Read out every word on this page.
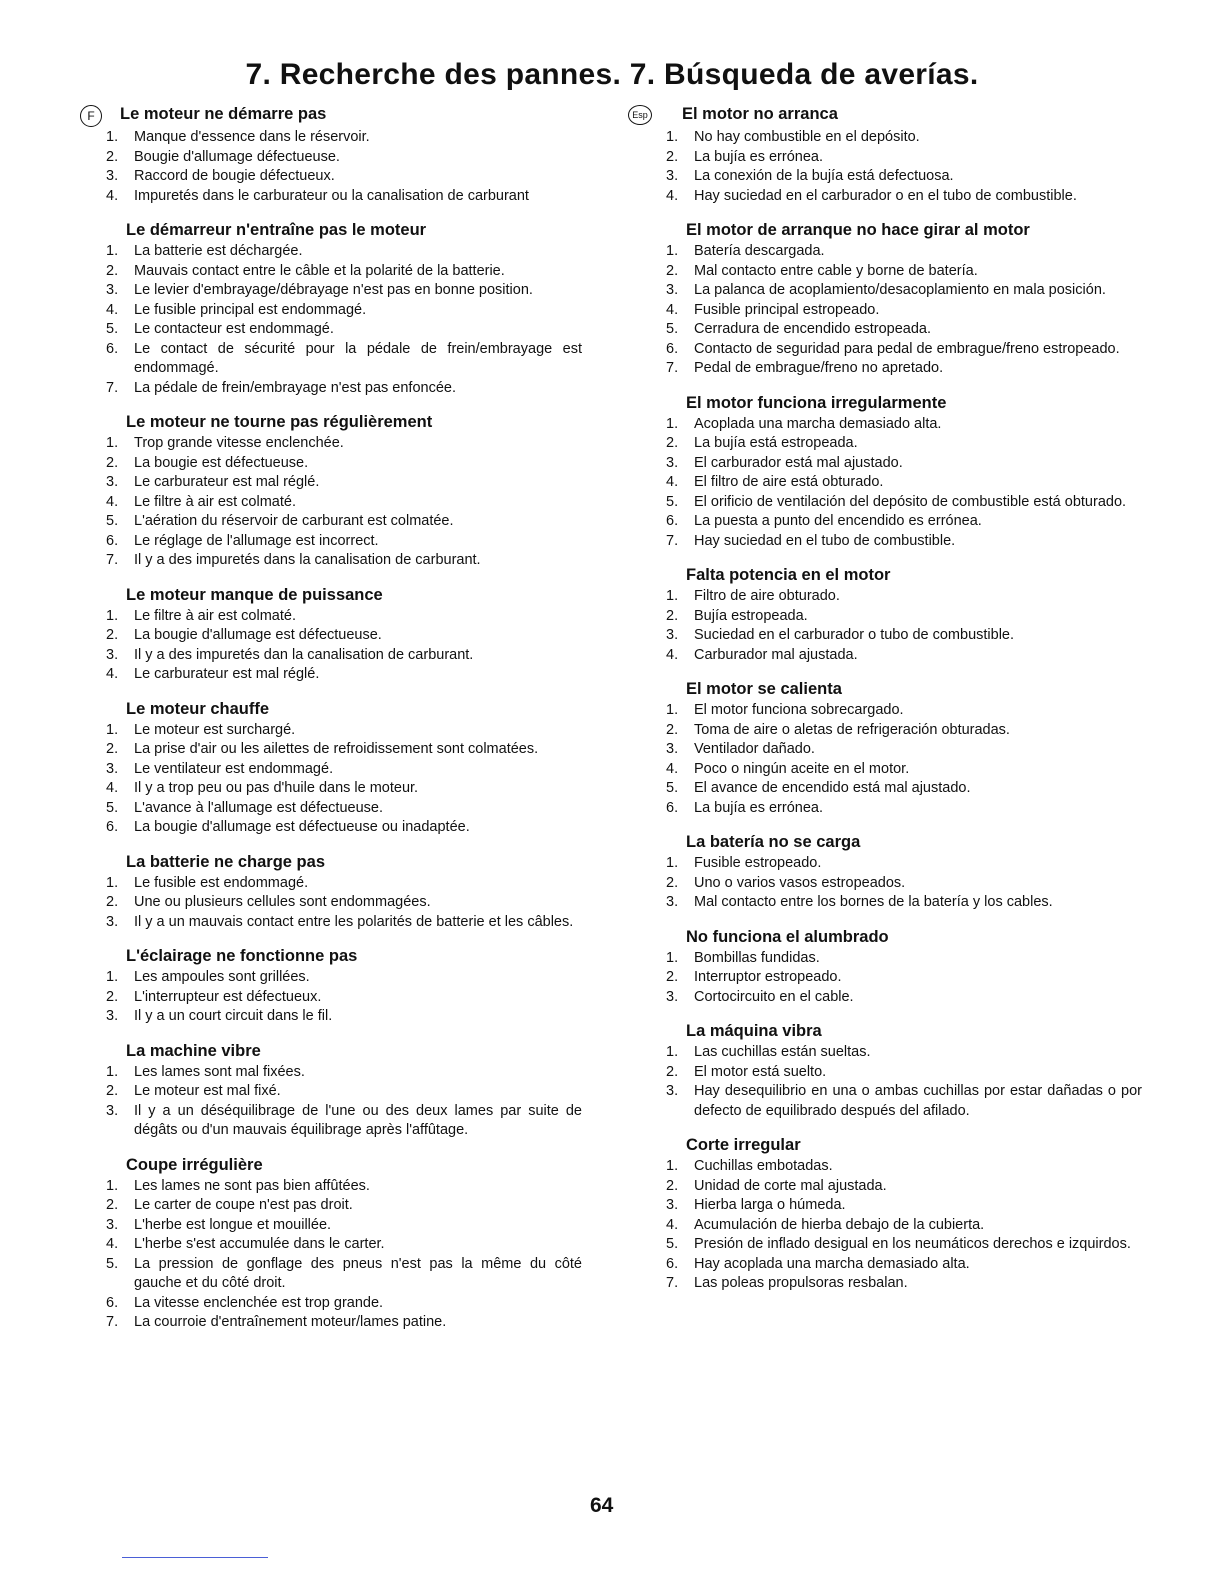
7. Recherche des pannes. 7. Búsqueda de averías.
F	Le moteur ne démarre pas
1. Manque d'essence dans le réservoir.
2. Bougie d'allumage défectueuse.
3. Raccord de bougie défectueux.
4. Impuretés dans le carburateur ou la canalisation de carburant
Le démarreur n'entraîne pas le moteur
1. La batterie est déchargée.
2. Mauvais contact entre le câble et la polarité de la batterie.
3. Le levier d'embrayage/débrayage n'est pas en bonne position.
4. Le fusible principal est endommagé.
5. Le contacteur est endommagé.
6. Le contact de sécurité pour la pédale de frein/embrayage est endommagé.
7. La pédale de frein/embrayage n'est pas enfoncée.
Le moteur ne tourne pas régulièrement
1. Trop grande vitesse enclenchée.
2. La bougie est défectueuse.
3. Le carburateur est mal réglé.
4. Le filtre à air est colmaté.
5. L'aération du réservoir de carburant est colmatée.
6. Le réglage de l'allumage est incorrect.
7. Il y a des impuretés dans la canalisation de carburant.
Le moteur manque de puissance
1. Le filtre à air est colmaté.
2. La bougie d'allumage est défectueuse.
3. Il y a des impuretés dan la canalisation de carburant.
4. Le carburateur est mal réglé.
Le moteur chauffe
1. Le moteur est surchargé.
2. La prise d'air ou les ailettes de refroidissement sont colmatées.
3. Le ventilateur est endommagé.
4. Il y a trop peu ou pas d'huile dans le moteur.
5. L'avance à l'allumage est défectueuse.
6. La bougie d'allumage est défectueuse ou inadaptée.
La batterie ne charge pas
1. Le fusible est endommagé.
2. Une ou plusieurs cellules sont endommagées.
3. Il y a un mauvais contact entre les polarités de batterie et les câbles.
L'éclairage ne fonctionne pas
1. Les ampoules sont grillées.
2. L'interrupteur est défectueux.
3. Il y a un court circuit dans le fil.
La machine vibre
1. Les lames sont mal fixées.
2. Le moteur est mal fixé.
3. Il y a un déséquilibrage de l'une ou des deux lames par suite de dégâts ou d'un mauvais équilibrage après l'affûtage.
Coupe irrégulière
1. Les lames ne sont pas bien affûtées.
2. Le carter de coupe n'est pas droit.
3. L'herbe est longue et mouillée.
4. L'herbe s'est accumulée dans le carter.
5. La pression de gonflage des pneus n'est pas la même du côté gauche et du côté droit.
6. La vitesse enclenchée est trop grande.
7. La courroie d'entraînement moteur/lames patine.
Esp El motor no arranca
1. No hay combustible en el depósito.
2. La bujía es errónea.
3. La conexión de la bujía está defectuosa.
4. Hay suciedad en el carburador o en el tubo de combustible.
El motor de arranque no hace girar al motor
1. Batería descargada.
2. Mal contacto entre cable y borne de batería.
3. La palanca de acoplamiento/desacoplamiento en mala posición.
4. Fusible principal estropeado.
5. Cerradura de encendido estropeada.
6. Contacto de seguridad para pedal de embrague/freno estropeado.
7. Pedal de embrague/freno no apretado.
El motor funciona irregularmente
1. Acoplada una marcha demasiado alta.
2. La bujía está estropeada.
3. El carburador está mal ajustado.
4. El filtro de aire está obturado.
5. El orificio de ventilación del depósito de combustible está obturado.
6. La puesta a punto del encendido es errónea.
7. Hay suciedad en el tubo de combustible.
Falta potencia en el motor
1. Filtro de aire obturado.
2. Bujía estropeada.
3. Suciedad en el carburador o tubo de combustible.
4. Carburador mal ajustada.
El motor se calienta
1. El motor funciona sobrecargado.
2. Toma de aire o aletas de refrigeración obturadas.
3. Ventilador dañado.
4. Poco o ningún aceite en el motor.
5. El avance de encendido está mal ajustado.
6. La bujía es errónea.
La batería no se carga
1. Fusible estropeado.
2. Uno o varios vasos estropeados.
3. Mal contacto entre los bornes de la batería y los cables.
No funciona el alumbrado
1. Bombillas fundidas.
2. Interruptor estropeado.
3. Cortocircuito en el cable.
La máquina vibra
1. Las cuchillas están sueltas.
2. El motor está suelto.
3. Hay desequilibrio en una o ambas cuchillas por estar dañadas o por defecto de equilibrado después del afilado.
Corte irregular
1. Cuchillas embotadas.
2. Unidad de corte mal ajustada.
3. Hierba larga o húmeda.
4. Acumulación de hierba debajo de la cubierta.
5. Presión de inflado desigual en los neumáticos derechos e izquirdos.
6. Hay acoplada una marcha demasiado alta.
7. Las poleas propulsoras resbalan.
64
